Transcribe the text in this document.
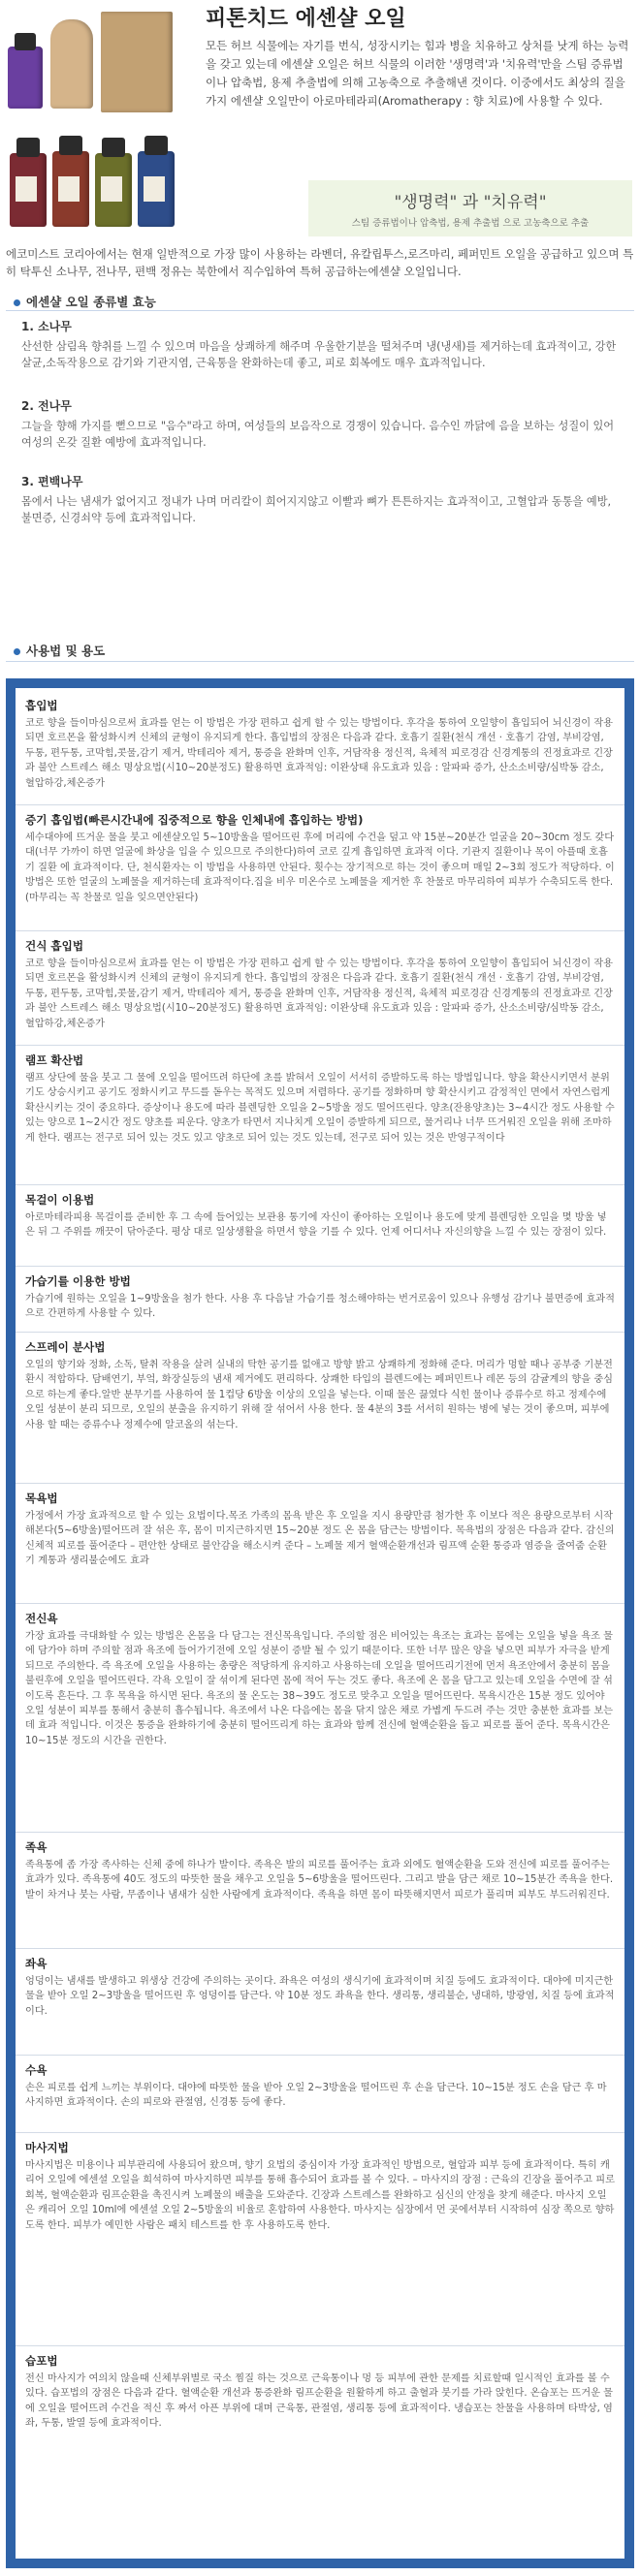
피톤치드 에센샬 오일
모든 허브 식물에는 자기를 번식, 성장시키는 힘과 병을 치유하고 상처를 낫게 하는 능력을 갖고 있는데 에센샬 오일은 허브 식물의 이러한 '생명력'과 '치유력'만을 스팀 증류법이나 압축법, 용제 추출법에 의해 고농축으로 추출해낸 것이다. 이중에서도 최상의 질을 가지 에센샬 오일만이 아로마테라피(Aromatherapy : 향 치료)에 사용할 수 있다.
"생명력" 과 "치유력"
스팀 증류법이나 압축법, 용제 추출법 으로 고농축으로 추출
에코미스트 코리아에서는 현재 일반적으로 가장 많이 사용하는 라벤더, 유칼립투스,로즈마리, 페퍼민트 오일을 공급하고 있으며 특히 탁투신 소나무, 전나무, 편백 정유는 북한에서 직수입하여 특허 공급하는에센샬 오일입니다.
에센샬 오일 종류별 효능
1. 소나무
산선한 삼림욕 향취를 느낄 수 있으며 마음을 상쾌하게 해주며 우울한기분을 떨쳐주며 냉(냉새)를 제거하는데 효과적이고, 강한 살균,소독작용으로 감기와 기관지염, 근육통을 완화하는데 좋고, 피로 회복에도 매우 효과적입니다.
2. 전나무
그늘을 향해 가지를 뻗으므로 "음수"라고 하며, 여성들의 보음작으로 경쟁이 있습니다. 음수인 까닭에 음을 보하는 성질이 있어 여성의 온갖 질환 예방에 효과적입니다.
3. 편백나무
몸에서 나는 냄새가 없어지고 정내가 나며 머리칼이 희어지지않고 이빨과 뼈가 튼튼하지는 효과적이고, 고혈압과 동통을 예방, 불면증, 신경쇠약 등에 효과적입니다.
사용법 및 용도
흡입법
코로 향을 들이마심으로써 효과를 얻는 이 방법은 가장 편하고 쉽게 할 수 있는 방법이다. 후각을 통하여 오일향이 흡입되어 뇌신경이 작용되면 호르몬을 활성화시켜 신체의 균형이 유지되게 한다. 흡입법의 장점은 다음과 같다. 호흡기 질환(천식 개선 · 호흡기 감염, 부비강염, 두통, 편두통, 코막힘,콧물,감기 제거, 박테리아 제거, 통증을 완화며 인후, 거담작용 정신적, 육체적 피로경감 신경계통의 진정효과로 긴장과 불안 스트레스 해소 명상요법(시10~20분정도) 활용하면 효과적임: 이완상태 유도효과 있음 : 알파파 증가, 산소소비량/심박동 감소, 혈압하강,체온증가
증기 흡입법(빠른시간내에 집중적으로 향을 인체내에 흡입하는 방법)
세수대야에 뜨거운 물을 붓고 에센샬오일 5~10방울을 떨어뜨린 후에 머리에 수건을 덮고 약 15분~20분간 얼굴을 20~30cm 정도 갖다대(너무 가까이 하면 얼굴에 화상을 입을 수 있으므로 주의한다)하여 코로 깊게 흡입하면 효과적 이다. 기관지 질환이나 목이 아플때 호흡기 질환 에 효과적이다. 단, 천식환자는 이 방법을 사용하면 안된다. 횟수는 장기적으로 하는 것이 좋으며 매일 2~3회 정도가 적당하다. 이 방법은 또한 얼굴의 노폐물을 제거하는데 효과적이다.집을 비우 미온수로 노폐물을 제거한 후 찬물로 마무리하여 피부가 수축되도록 한다. (마무리는 꼭 찬물로 일을 잊으면안된다)
건식 흡입법
코로 향을 들이마심으로써 효과를 얻는 이 방법은 가장 편하고 쉽게 할 수 있는 방법이다. 후각을 통하여 오일향이 흡입되어 뇌신경이 작용되면 호르몬을 활성화시켜 신체의 균형이 유지되게 한다. 흡입법의 장점은 다음과 같다. 호흡기 질환(천식 개선 · 호흡기 감염, 부비강염, 두통, 편두통, 코막힘,콧물,감기 제거, 박테리아 제거, 통증을 완화며 인후, 거담작용 정신적, 육체적 피로경감 신경계통의 진정효과로 긴장과 불안 스트레스 해소 명상요법(시10~20분정도) 활용하면 효과적임: 이완상태 유도효과 있음 : 알파파 증가, 산소소비량/심박동 감소, 혈압하강,체온증가
램프 확산법
램프 상단에 물을 붓고 그 물에 오일을 떨어뜨려 하단에 초를 밝혀서 오일이 서서히 증발하도록 하는 방법입니다. 향을 확산시키면서 분위기도 상승시키고 공기도 정화시키고 무드를 돋우는 목적도 있으며 저렴하다. 공기를 정화하며 향 확산시키고 감정적인 면에서 자연스럽게 확산시키는 것이 중요하다. 증상이나 용도에 따라 블렌딩한 오일을 2~5방울 정도 떨어뜨린다. 양초(잔용양초)는 3~4시간 정도 사용할 수 있는 양으로 1~2시간 정도 양초를 피운다. 양초가 타면서 지나치게 오일이 증발하게 되므로, 물거리나 너무 뜨거워진 오일을 위해 조마하게 한다. 램프는 전구로 되어 있는 것도 있고 양초로 되어 있는 것도 있는데, 전구로 되어 있는 것은 반영구적이다
목걸이 이용법
아로마테라피용 목걸이를 준비한 후 그 속에 들어있는 보관용 통기에 자신이 좋아하는 오일이나 용도에 맞게 블렌딩한 오일을 몇 방울 넣은 뒤 그 주위를 깨끗이 닦아준다. 평상 대로 일상생활을 하면서 향을 기를 수 있다. 언제 어디서나 자신의향을 느낄 수 있는 장점이 있다.
가습기를 이용한 방법
가습기에 원하는 오일을 1~9방울을 첨가 한다. 사용 후 다음날 가습기를 청소해야하는 번거로움이 있으나 유행성 감기나 불면증에 효과적으로 간편하게 사용할 수 있다.
스프레이 분사법
오일의 향기와 정화, 소독, 탈취 작용을 살려 실내의 탁한 공기를 없애고 방향 밝고 상쾌하게 정화해 준다. 머리가 멍할 때나 공부중 기분전환시 적합하다. 담배연기, 부엌, 화장실등의 냄새 제거에도 편리하다. 상쾌한 타입의 블렌드에는 페퍼민트나 레몬 등의 감귤계의 향을 중심으로 하는게 좋다.알반 분무기를 사용하여 물 1컵당 6방울 이상의 오일을 넣는다. 이때 물은 끓였다 식힌 물이나 증류수로 하고 정제수에 오일 성분이 분리 되므로, 오일의 분출을 유지하기 위해 잘 섞어서 사용 한다. 물 4분의 3를 서서히 원하는 병에 넣는 것이 좋으며, 피부에 사용 할 때는 증류수나 정제수에 알코올의 섞는다.
목욕법
가정에서 가장 효과적으로 할 수 있는 요법이다.목조 가족의 몸욕 받은 후 오일을 지시 용량만큼 첨가한 후 이보다 적은 용량으로부터 시작해본다(5~6방울)떨어뜨려 잘 섞은 후, 몸이 미지근하지면 15~20분 정도 온 몸을 담근는 방법이다. 목욕법의 장점은 다음과 같다. 감신의 신체적 피로를 풀어준다 – 편안한 상태로 불안감을 해소시켜 준다 – 노폐물 제거 혈액순환개선과 림프액 순환 통증과 염증을 줄여줌 순환기 계통과 생리불순에도 효과
전신욕
가장 효과를 극대화할 수 있는 방법은 온몸을 다 담그는 전신목욕입니다. 주의할 점은 비어있는 욕조는 효과는 몸에는 오일을 넣을 욕조 물에 담가야 하며 주의할 점과 욕조에 들어가기전에 오일 성분이 증발 될 수 있기 때문이다. 또한 너무 많은 양을 넣으면 피부가 자극을 받게 되므로 주의한다. 즉 욕조에 오일을 사용하는 총량은 적당하게 유지하고 사용하는데 오일을 떨어뜨리기전에 먼저 욕조안에서 충분히 몸을 불린후에 오일을 떨어뜨린다. 각욕 오일이 잘 섞이게 된다면 몸에 적어 두는 것도 좋다. 욕조에 온 몸을 담그고 있는데 오일을 수면에 잘 섞이도록 흔든다. 그 후 목욕을 하시면 된다. 욕조의 물 온도는 38~39도 정도로 맞추고 오일을 떨어뜨린다. 목욕시간은 15분 정도 있어야 오일 성분이 피부를 통해서 충분히 흡수됩니다. 욕조에서 나온 다음에는 몸을 닦지 않은 채로 가볍게 두드려 주는 것만 충분한 효과를 보는데 효과 적입니다. 이것은 통증을 완화하기에 충분히 떨어뜨리게 하는 효과와 함께 전신에 혈액순환을 돕고 피로를 풀어 준다. 목욕시간은 10~15분 정도의 시간을 권한다.
족욕
족욕통에 좀 가장 족사하는 신체 중에 하나가 발이다. 족욕은 발의 피로를 풀어주는 효과 외에도 혈액순환을 도와 전신에 피로를 풀어주는 효과가 있다. 족욕통에 40도 정도의 따뜻한 물을 채우고 오일을 5~6방울을 떨어뜨린다. 그리고 발을 담근 채로 10~15분간 족욕을 한다. 발이 차거나 붓는 사람, 무좀이나 냄새가 심한 사람에게 효과적이다. 족욕을 하면 몸이 따뜻해지면서 피로가 풀리며 피부도 부드러워진다.
좌욕
엉덩이는 냄새를 발생하고 위생상 건강에 주의하는 곳이다. 좌욕은 여성의 생식기에 효과적이며 치질 등에도 효과적이다. 대야에 미지근한 물을 받아 오일 2~3방울을 떨어뜨린 후 엉덩이를 담근다. 약 10분 정도 좌욕을 한다. 생리통, 생리불순, 냉대하, 방광염, 치질 등에 효과적이다.
수욕
손은 피로를 쉽게 느끼는 부위이다. 대야에 따뜻한 물을 받아 오일 2~3방울을 떨어뜨린 후 손을 담근다. 10~15분 정도 손을 담근 후 마사지하면 효과적이다. 손의 피로와 관절염, 신경통 등에 좋다.
마사지법
마사지법은 미용이나 피부관리에 사용되어 왔으며, 향기 요법의 중심이자 가장 효과적인 방법으로, 혈압과 피부 등에 효과적이다. 특히 캐리어 오일에 에센셜 오일을 희석하여 마사지하면 피부를 통해 흡수되어 효과를 볼 수 있다. – 마사지의 장점 : 근육의 긴장을 풀어주고 피로회복, 혈액순환과 림프순환을 촉진시켜 노폐물의 배출을 도와준다. 긴장과 스트레스를 완화하고 심신의 안정을 찾게 해준다. 마사지 오일은 캐리어 오일 10ml에 에센셜 오일 2~5방울의 비율로 혼합하여 사용한다. 마사지는 심장에서 먼 곳에서부터 시작하여 심장 쪽으로 향하도록 한다. 피부가 예민한 사람은 패치 테스트를 한 후 사용하도록 한다.
습포법
전신 마사지가 여의치 않을때 신체부위별로 국소 찜질 하는 것으로 근육통이나 멍 등 피부에 관한 문제를 치료할때 일시적인 효과를 볼 수 있다. 습포법의 장점은 다음과 같다. 혈액순환 개선과 통증완화 림프순환을 원활하게 하고 출혈과 붓기를 가라 앉힌다. 온습포는 뜨거운 물에 오일을 떨어뜨려 수건을 적신 후 짜서 아픈 부위에 대며 근육통, 관절염, 생리통 등에 효과적이다. 냉습포는 찬물을 사용하며 타박상, 염좌, 두통, 발열 등에 효과적이다.
